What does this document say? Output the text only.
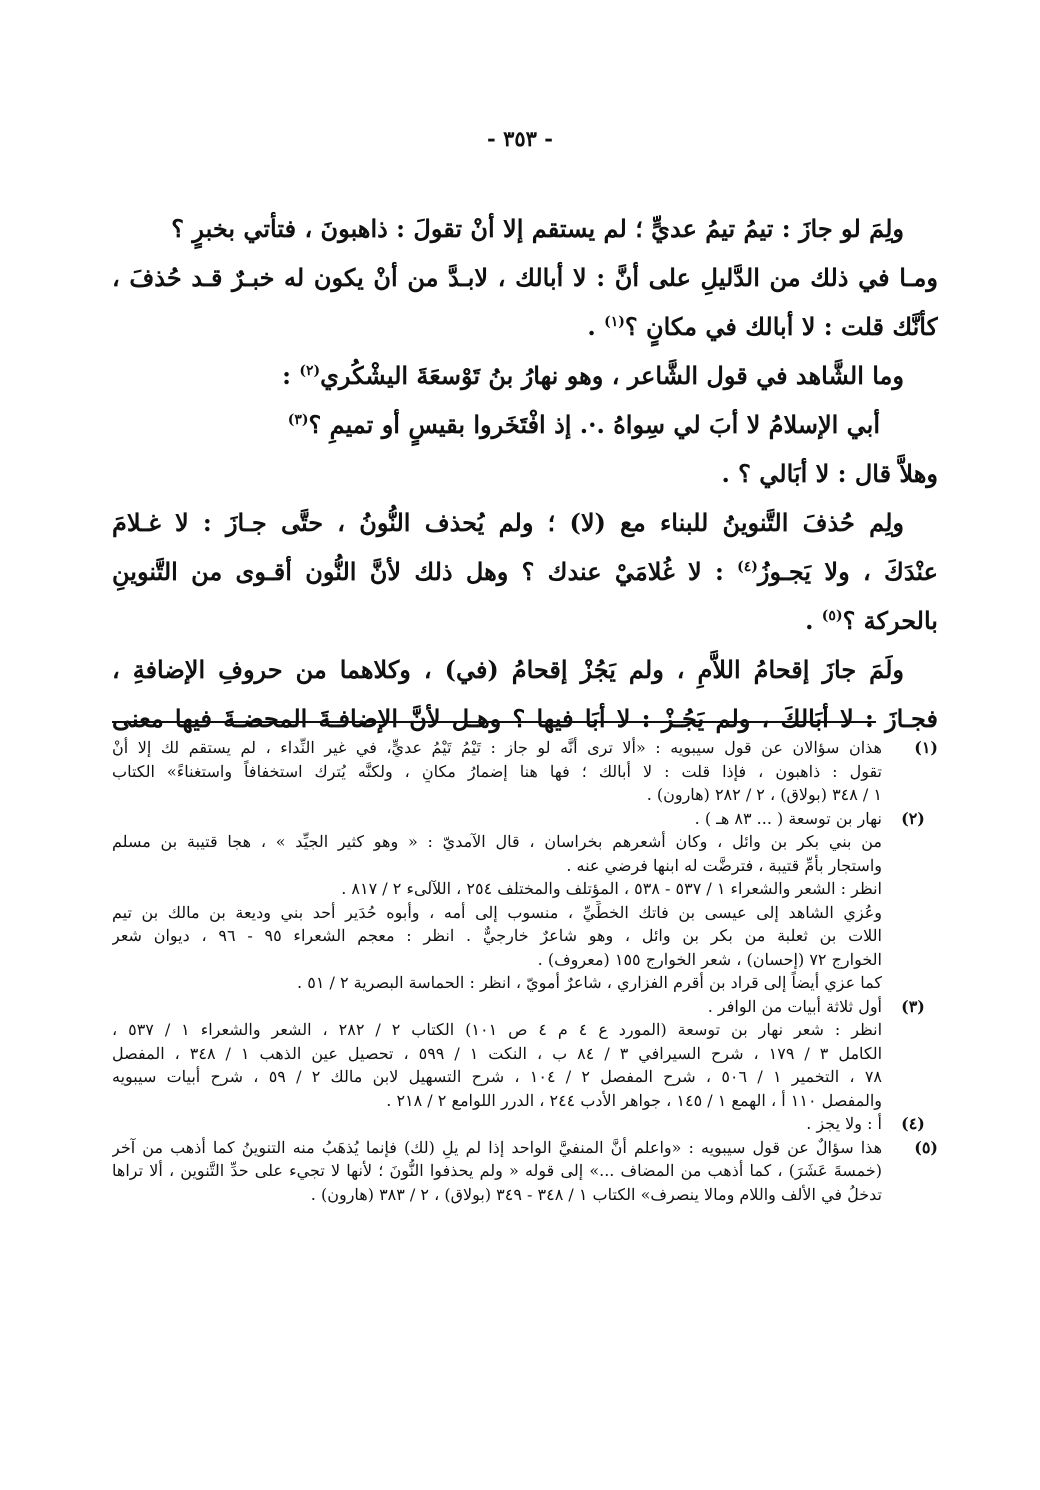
- ٣٥٣ -
ولِمَ لو جازَ : تيمُ تيمُ عديٍّ ؛ لم يستقم إلا أنْ تقولَ : ذاهبونَ ، فتأتي بخبرٍ ؟
ومـا في ذلك من الدَّليلِ على أنَّ : لا أبالك ، لابـدَّ من أنْ يكون له خبـرٌ قـد حُذفَ ،
كأنَّك قلت : لا أبالك في مكانٍ ؟$^{(١)}$ .
وما الشَّاهد في قول الشَّاعر ، وهو نهارُ بنُ تَوْسعَةَ اليشْكُري$^{(٢)}$ :
أبي الإسلامُ لا أبَ لي سِواهُ .·. إذ افْتَخَروا بقيسٍ أو تميمِ ؟$^{(٣)}$
وهلاَّ قال : لا أبَالي ؟ .
ولِم حُذفَ التَّنوينُ للبناء مع (لا) ؛ ولم يُحذف النُّونُ ، حتَّى جـازَ : لا غـلامَ
عنْدَكَ ، ولا يَجـوزُ$^{(٤)}$ : لا غُلامَيْ عندك ؟ وهل ذلك لأنَّ النُّون أقـوى من التَّنوينِ
بالحركة ؟$^{(٥)}$ .
ولَمَ جازَ إقحامُ اللاَّمِ ، ولم يَجُزْ إقحامُ (في) ، وكلاهما من حروفِ الإضافةِ ،
فجـازَ : لا أبَالكَ ، ولم يَجُـزْ : لا أبَا فيها ؟ وهـل لأنَّ الإضافـةَ المحضـةَ فيها معنى
(١)
هذان سؤالان عن قول سيبويه : «ألا ترى أنَّه لو جاز : تَيْمُ تَيْمُ عديٍّ، في غير النِّداء ، لم يستقم لك إلا أنْ
تقول : ذاهبون ، فإذا قلت : لا أبالك ؛ فها هنا إضمارُ مكانٍ ، ولكنَّه يُترك استخفافاً واستغناءً» الكتاب
١ / ٣٤٨ (بولاق) ، ٢ / ٢٨٢ (هارون) .
(٢)
نهار بن توسعة ( ... ٨٣ هـ ) .
من بني بكر بن وائل ، وكان أشعرهم بخراسان ، قال الآمديّ : « وهو كثير الجيِّد » ، هجا قتيبة بن مسلم
واستجار بأمِّ قتيبة ، فترضَّت له ابنها فرضي عنه .
انظر : الشعر والشعراء ١ / ٥٣٧ - ٥٣٨ ، المؤتلف والمختلف ٢٥٤ ، اللآلىء ٢ / ٨١٧ .
وعُزي الشاهد إلى عيسى بن فاتك الخطِّيِّ ، منسوب إلى أمه ، وأبوه حُدَير أحد بني وديعة بن مالك بن تيم
اللات بن ثعلبة من بكر بن وائل ، وهو شاعرٌ خارجيٌّ . انظر : معجم الشعراء ٩٥ - ٩٦ ، ديوان شعر
الخوارج ٧٢ (إحسان) ، شعر الخوارج ١٥٥ (معروف) .
كما عزي أيضاً إلى قراد بن أقرم الفزاري ، شاعرٌ أمويّ ، انظر : الحماسة البصرية ٢ / ٥١ .
(٣)
أول ثلاثة أبيات من الوافر .
انظر : شعر نهار بن توسعة (المورد ع ٤ م ٤ ص ١٠١) الكتاب ٢ / ٢٨٢ ، الشعر والشعراء ١ / ٥٣٧ ،
الكامل ٣ / ١٧٩ ، شرح السيرافي ٣ / ٨٤ ب ، النكت ١ / ٥٩٩ ، تحصيل عين الذهب ١ / ٣٤٨ ، المفصل
٧٨ ، التخمير ١ / ٥٠٦ ، شرح المفصل ٢ / ١٠٤ ، شرح التسهيل لابن مالك ٢ / ٥٩ ، شرح أبيات سيبويه
والمفصل ١١٠ أ ، الهمع ١ / ١٤٥ ، جواهر الأدب ٢٤٤ ، الدرر اللوامع ٢ / ٢١٨ .
(٤)
أ : ولا يجز .
(٥)
هذا سؤالٌ عن قول سيبويه : «واعلم أنَّ المنفيَّ الواحد إذا لم يلِ (لك) فإنما يُذهَبُ منه التنوينُ كما أذهب من آخر
(خمسةَ عَشَرَ) ، كما أذهب من المضاف ...» إلى قوله « ولم يحذفوا النُّونَ ؛ لأنها لا تجيء على حدِّ التَّنوين ، ألا تراها
تدخلُ في الألف واللام ومالا ينصرف» الكتاب ١ / ٣٤٨ - ٣٤٩ (بولاق) ، ٢ / ٣٨٣ (هارون) .
